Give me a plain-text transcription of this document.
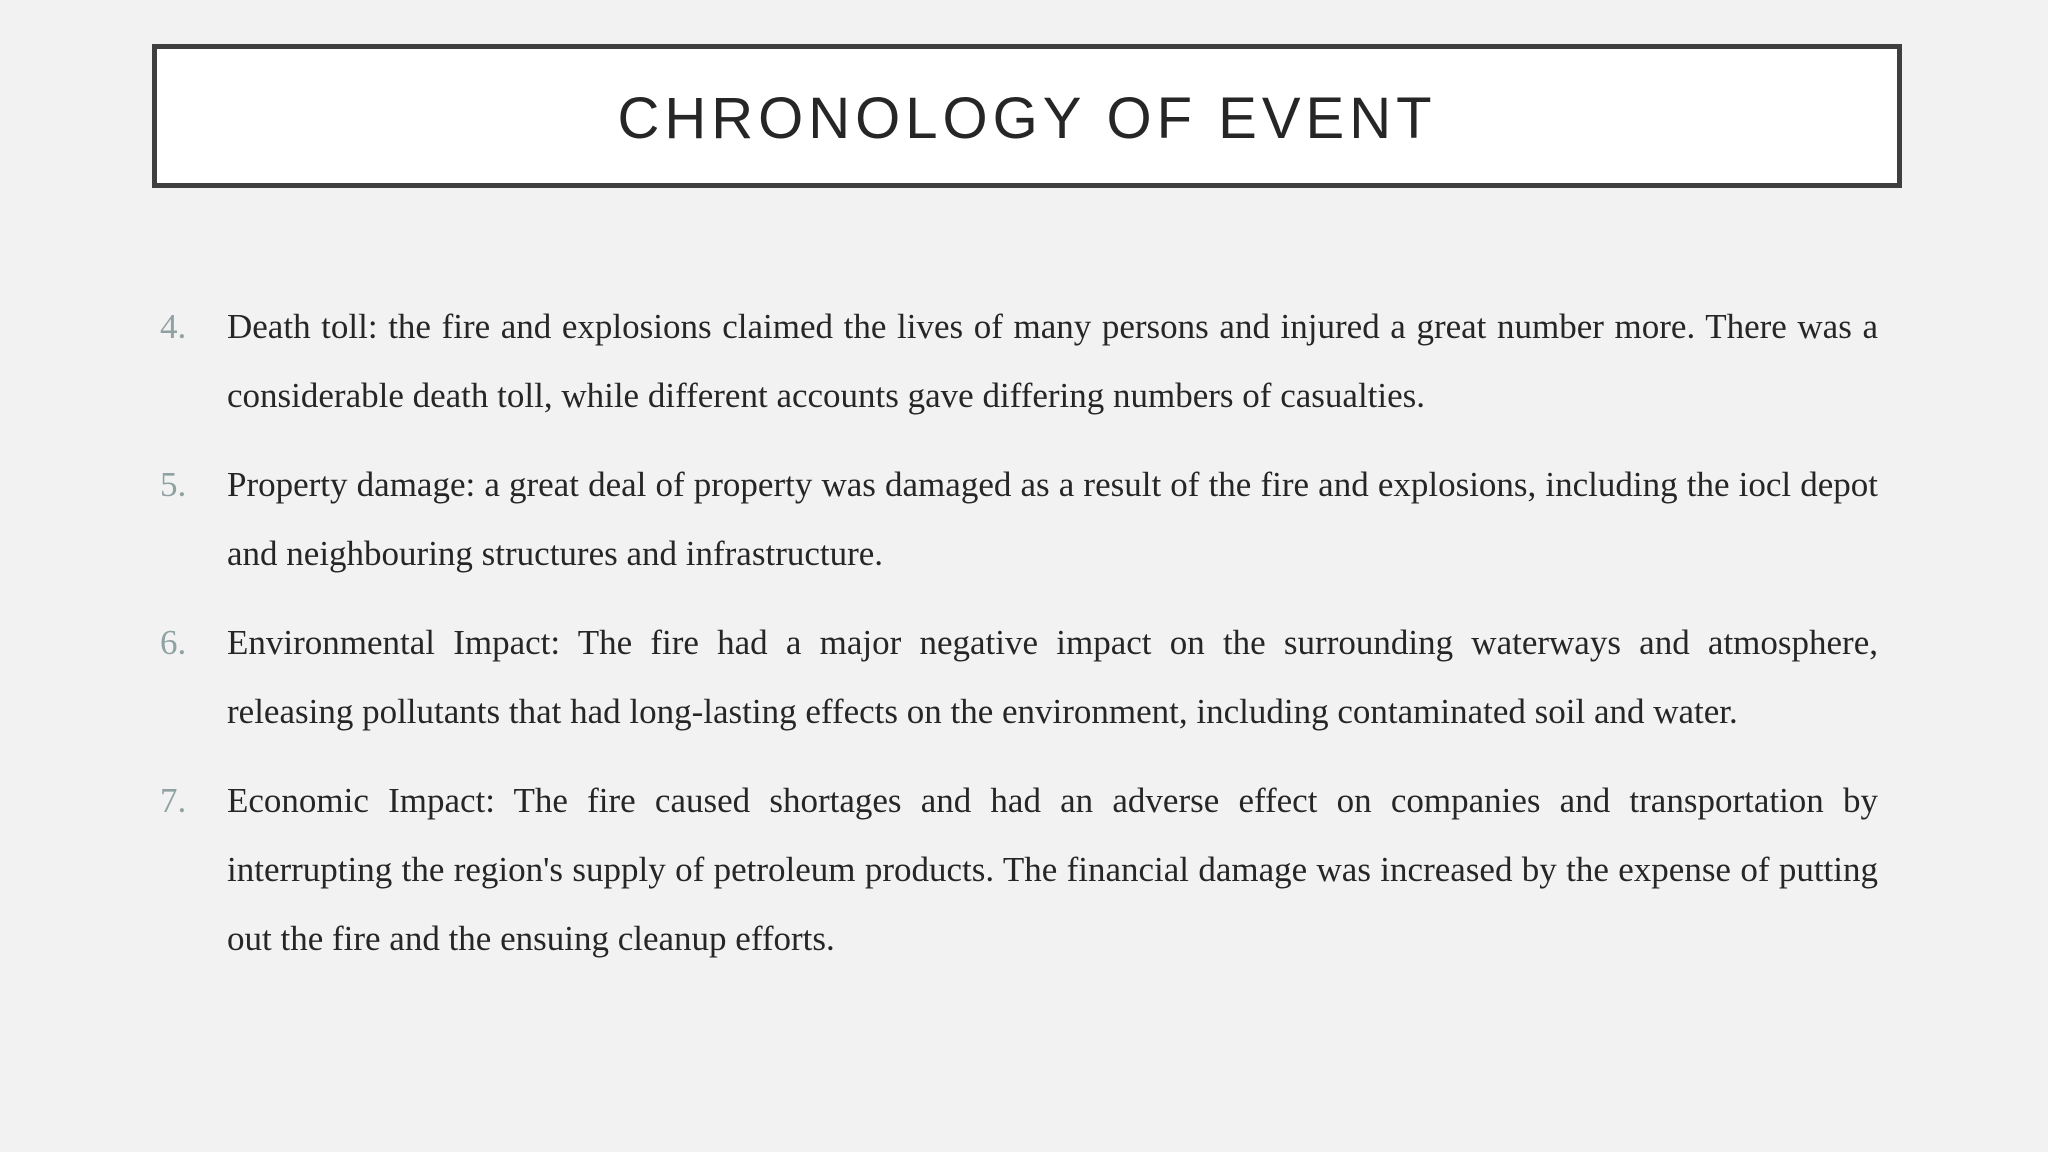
CHRONOLOGY OF EVENT
4.	Death toll: the fire and explosions claimed the lives of many persons and injured a great number more. There was a considerable death toll, while different accounts gave differing numbers of casualties.
5.	Property damage: a great deal of property was damaged as a result of the fire and explosions, including the iocl depot and neighbouring structures and infrastructure.
6.	Environmental Impact: The fire had a major negative impact on the surrounding waterways and atmosphere, releasing pollutants that had long-lasting effects on the environment, including contaminated soil and water.
7.	Economic Impact: The fire caused shortages and had an adverse effect on companies and transportation by interrupting the region's supply of petroleum products. The financial damage was increased by the expense of putting out the fire and the ensuing cleanup efforts.
